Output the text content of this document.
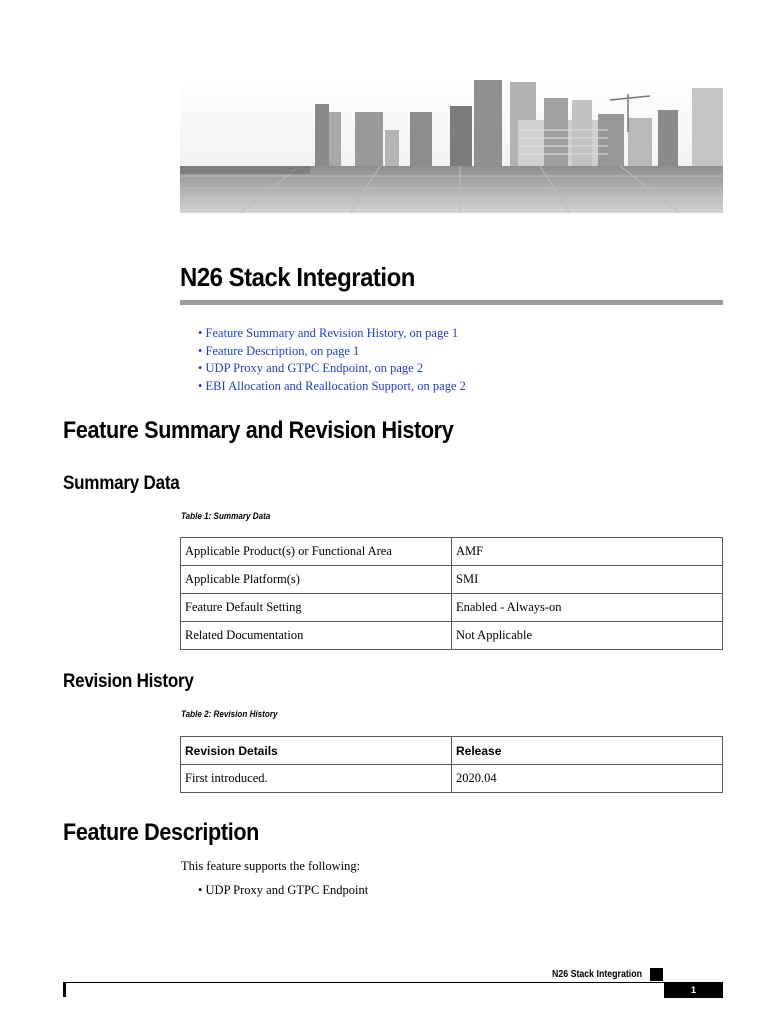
N26 Stack Integration
• Feature Summary and Revision History, on page 1
• Feature Description, on page 1
• UDP Proxy and GTPC Endpoint, on page 2
• EBI Allocation and Reallocation Support, on page 2
Feature Summary and Revision History
Summary Data
Table 1: Summary Data
Applicable Product(s) or Functional Area	AMF
Applicable Platform(s)	SMI
Feature Default Setting	Enabled - Always-on
Related Documentation	Not Applicable
Revision History
Table 2: Revision History
Revision Details	Release
First introduced.	2020.04
Feature Description
This feature supports the following:
• UDP Proxy and GTPC Endpoint
N26 Stack Integration
1
